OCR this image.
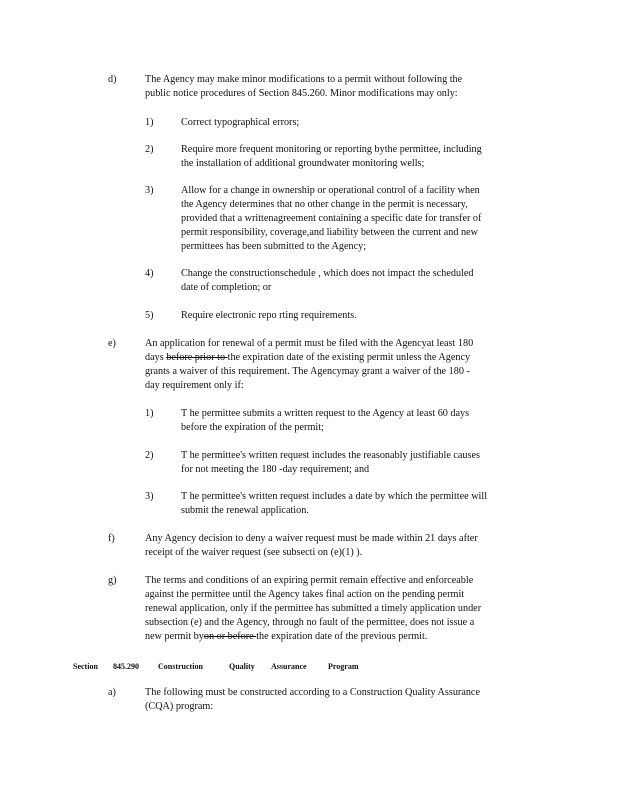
d)	The Agency may make minor modifications to a permit without following the
public notice procedures of Section 845.260. Minor modifications may only:
1)	Correct typographical errors;
2)	Require more frequent monitoring or reporting bythe permittee, including
the installation of additional groundwater monitoring wells;
3)	Allow for a change in ownership or operational control of a facility when
the Agency determines that no other change in the permit is necessary,
provided that a writtenagreement containing a specific date for transfer of
permit responsibility, coverage,and liability between the current and new
permittees has been submitted to the Agency;
4)	Change the constructionschedule , which does not impact the scheduled
date of completion; or
5)	Require electronic repo rting requirements.
e)	An application for renewal of a permit must be filed with the Agencyat least 180
days before prior to the expiration date of the existing permit unless the Agency
grants a waiver of this requirement. The Agencymay grant a waiver of the 180 -
day requirement only if:
1)	T he permittee submits a written request to the Agency at least 60 days
before the expiration of the permit;
2)	T he permittee's written request includes the reasonably justifiable causes
for not meeting the 180 -day requirement; and
3)	T he permittee's written request includes a date by which the permittee will
submit the renewal application.
f)	Any Agency decision to deny a waiver request must be made within 21 days after
receipt of the waiver request (see subsecti on (e)(1) ).
g)	The terms and conditions of an expiring permit remain effective and enforceable
against the permittee until the Agency takes final action on the pending permit
renewal application, only if the permittee has submitted a timely application under
subsection (e) and the Agency, through no fault of the permittee, does not issue a
new permit byon or before the expiration date of the previous permit.
Section 845.290 Construction	Quality Assurance	Program
a)	The following must be constructed according to a Construction Quality Assurance
(CQA) program:
